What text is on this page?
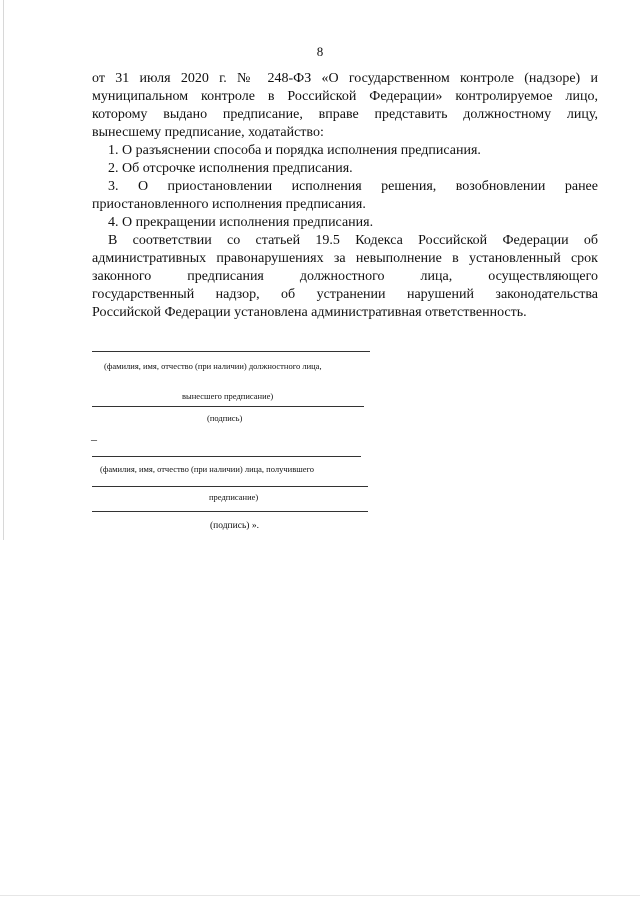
8

от 31 июля 2020 г. № 248-ФЗ «О государственном контроле (надзоре) и

муниципальном контроле в Российской Федерации» контролируемое лицо,

которому выдано предписание, вправе представить должностному лицу,

вынесшему предписание, ходатайство:

1. О разъяснении способа и порядка исполнения предписания.

2. Об отсрочке исполнения предписания.

3. О приостановлении исполнения решения, возобновлении ранее

приостановленного исполнения предписания.

4. О прекращении исполнения предписания.

В соответствии со статьей 19.5 Кодекса Российской Федерации об

административных правонарушениях за невыполнение в установленный срок

законного предписания должностного лица, осуществляющего

государственный надзор, об устранении нарушений законодательства

Российской Федерации установлена административная ответственность.

(фамилия, имя, отчество (при наличии) должностного лица,
вынесшего предписание)
(подпись)
–
(фамилия, имя, отчество (при наличии) лица, получившего
предписание)
(подпись) ».
